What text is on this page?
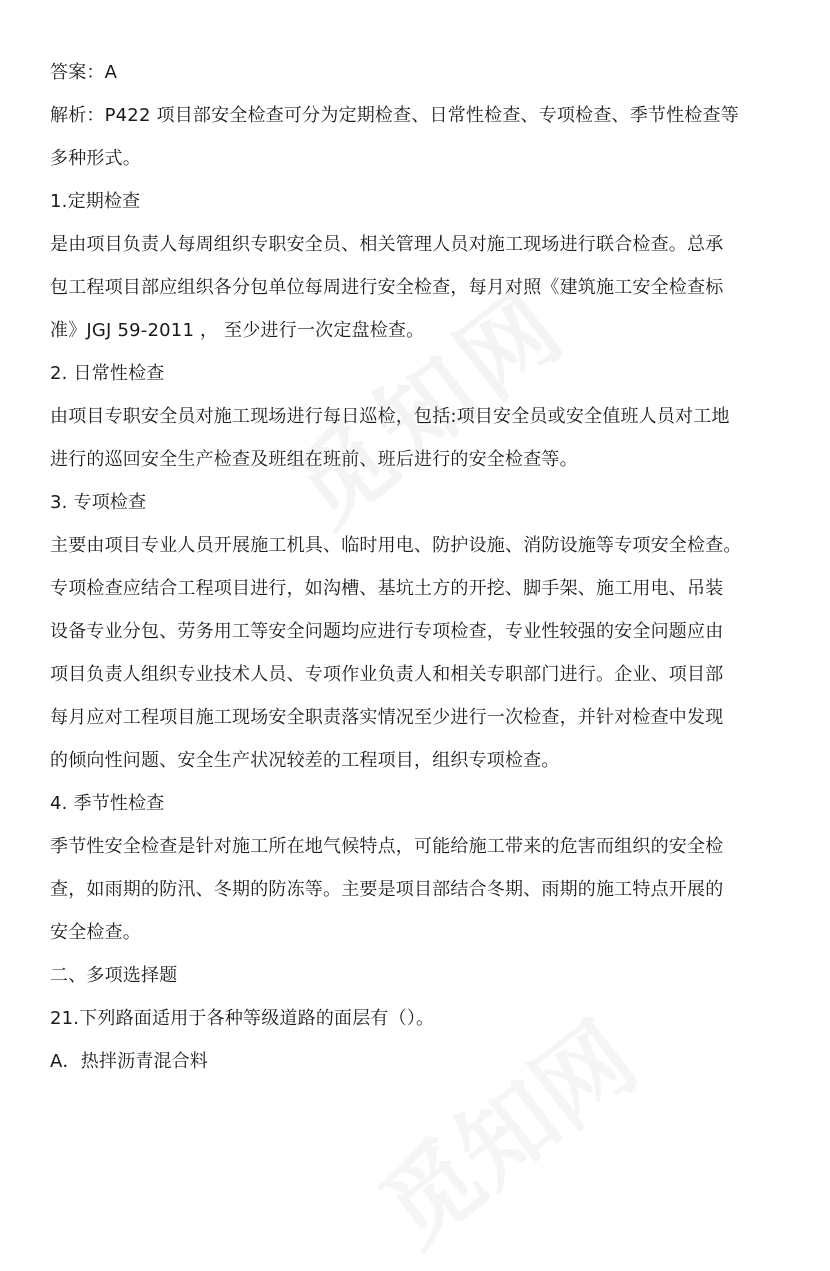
答案：A

解析：P422 项目部安全检查可分为定期检查、日常性检查、专项检查、季节性检查等

多种形式。

1.定期检查

是由项目负责人每周组织专职安全员、相关管理人员对施工现场进行联合检查。总承

包工程项目部应组织各分包单位每周进行安全检查，每月对照《建筑施工安全检查标

准》JGJ 59-2011 ， 至少进行一次定盘检查。

2. 日常性检查

由项目专职安全员对施工现场进行每日巡检，包括:项目安全员或安全值班人员对工地

进行的巡回安全生产检查及班组在班前、班后进行的安全检查等。

3. 专项检查

主要由项目专业人员开展施工机具、临时用电、防护设施、消防设施等专项安全检查。

专项检查应结合工程项目进行，如沟槽、基坑土方的开挖、脚手架、施工用电、吊装

设备专业分包、劳务用工等安全问题均应进行专项检查，专业性较强的安全问题应由

项目负责人组织专业技术人员、专项作业负责人和相关专职部门进行。企业、项目部

每月应对工程项目施工现场安全职责落实情况至少进行一次检查，并针对检查中发现

的倾向性问题、安全生产状况较差的工程项目，组织专项检查。

4. 季节性检查

季节性安全检查是针对施工所在地气候特点，可能给施工带来的危害而组织的安全检

查，如雨期的防汛、冬期的防冻等。主要是项目部结合冬期、雨期的施工特点开展的

安全检查。

二、多项选择题

21.下列路面适用于各种等级道路的面层有（）。

A．热拌沥青混合料
